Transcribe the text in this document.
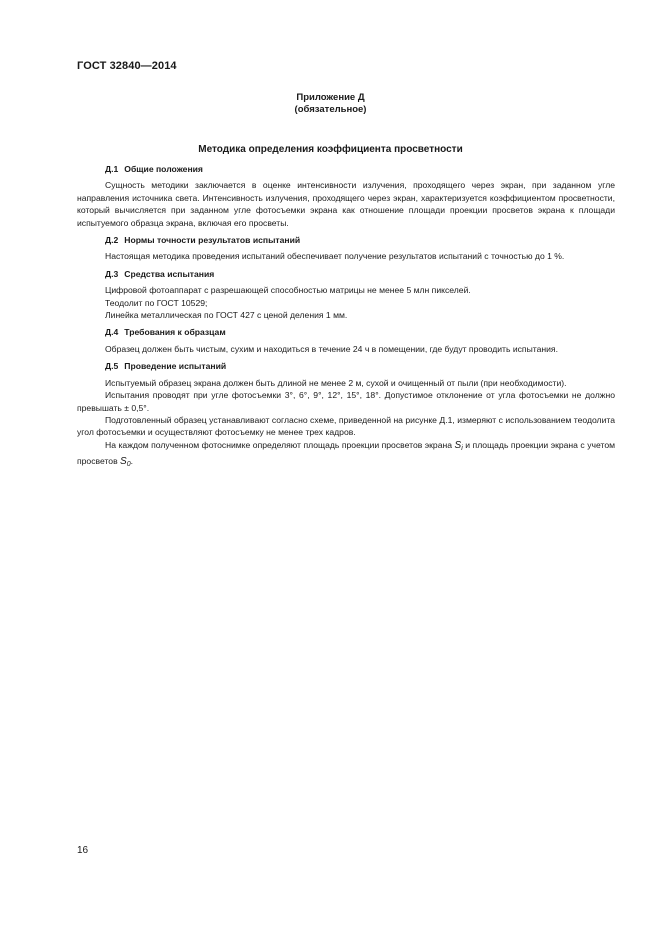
ГОСТ 32840—2014
Приложение Д
(обязательное)
Методика определения коэффициента просветности
Д.1 Общие положения

Сущность методики заключается в оценке интенсивности излучения, проходящего через экран, при заданном угле направления источника света. Интенсивность излучения, проходящего через экран, характеризуется коэффициентом просветности, который вычисляется при заданном угле фотосъемки экрана как отношение площади проекции просветов экрана к площади испытуемого образца экрана, включая его просветы.

Д.2 Нормы точности результатов испытаний

Настоящая методика проведения испытаний обеспечивает получение результатов испытаний с точностью до 1 %.

Д.3 Средства испытания

Цифровой фотоаппарат с разрешающей способностью матрицы не менее 5 млн пикселей.

Теодолит по ГОСТ 10529;

Линейка металлическая по ГОСТ 427 с ценой деления 1 мм.

Д.4 Требования к образцам

Образец должен быть чистым, сухим и находиться в течение 24 ч в помещении, где будут проводить испытания.

Д.5 Проведение испытаний

Испытуемый образец экрана должен быть длиной не менее 2 м, сухой и очищенный от пыли (при необходимости).

Испытания проводят при угле фотосъемки 3°, 6°, 9°, 12°, 15°, 18°. Допустимое отклонение от угла фотосъемки не должно превышать ± 0,5°.

Подготовленный образец устанавливают согласно схеме, приведенной на рисунке Д.1, измеряют с использованием теодолита угол фотосъемки и осуществляют фотосъемку не менее трех кадров.

На каждом полученном фотоснимке определяют площадь проекции просветов экрана $S_i$ и площадь проекции экрана с учетом просветов $S_0$.

16
